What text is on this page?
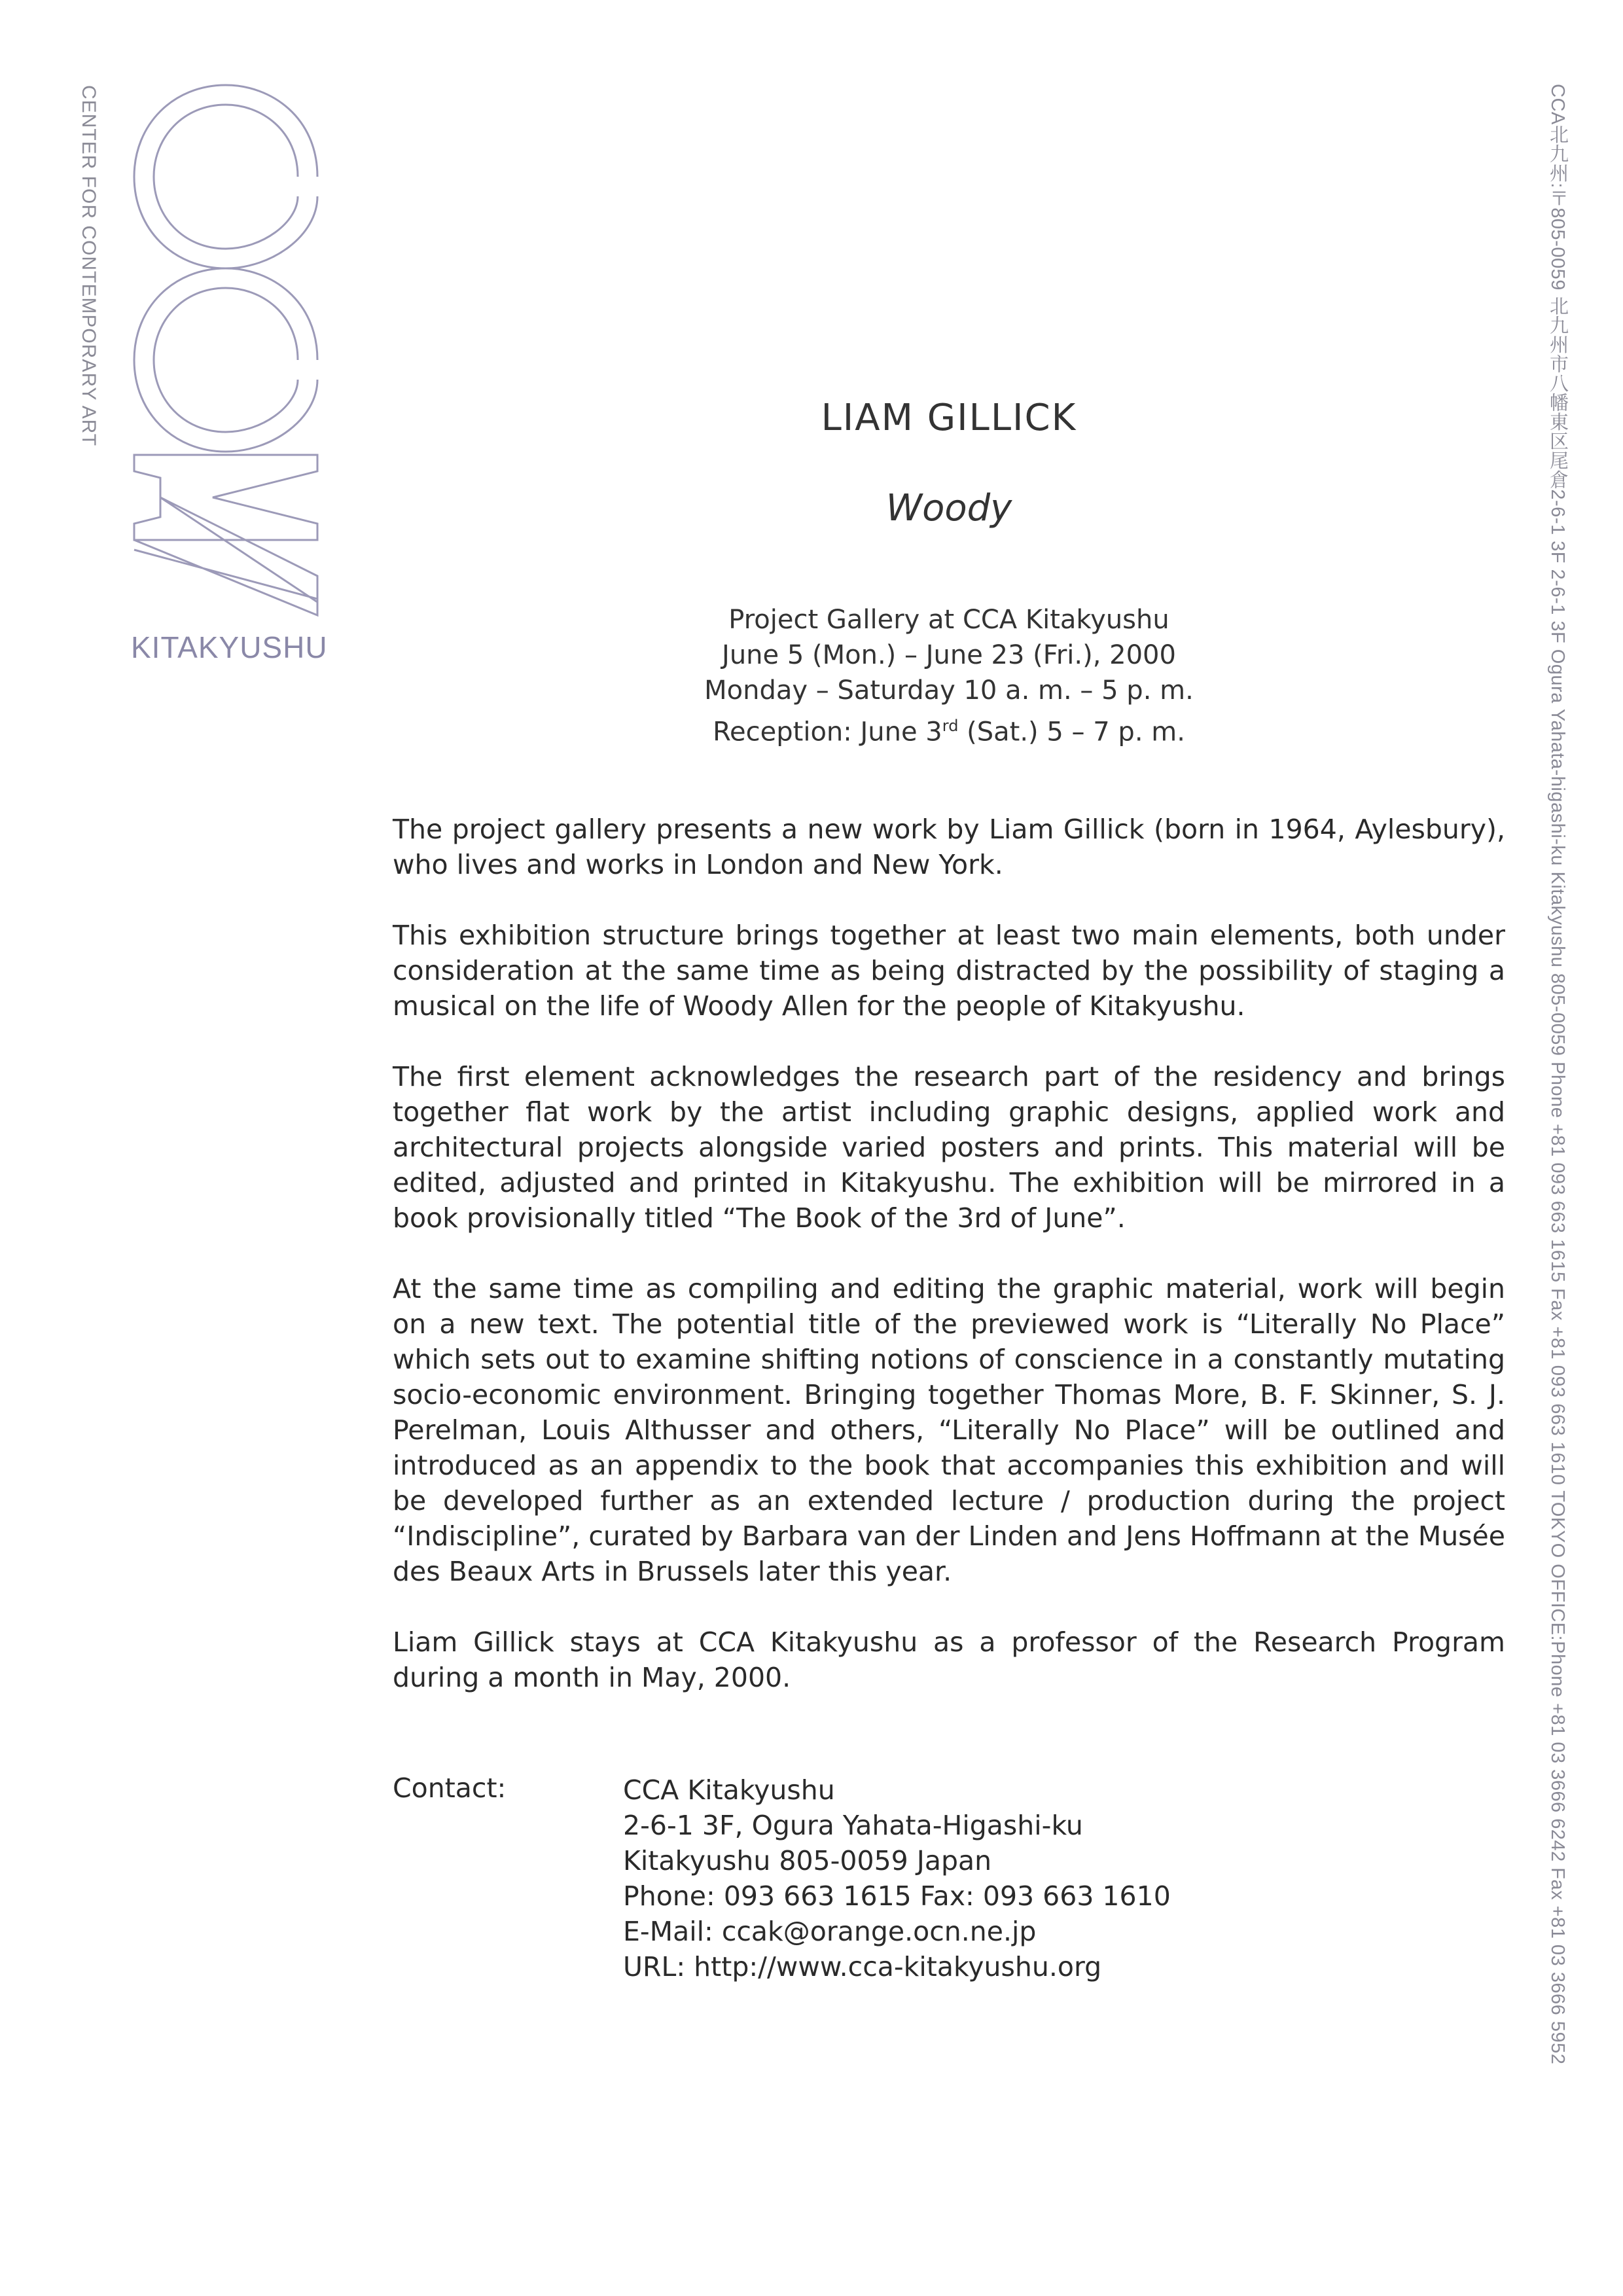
CENTER FOR CONTEMPORARY ART
KITAKYUSHU	CCA北九州:〒805-0059 北九州市八幡東区尾倉2-6-1 3F 2-6-1 3F Ogura Yahata-higashi-ku Kitakyushu 805-0059 Phone +81 093 663 1615 Fax +81 093 663 1610 TOKYO OFFICE:Phone +81 03 3666 6242 Fax +81 03 3666 5952
LIAM GILLICK
Woody
Project Gallery at CCA Kitakyushu
June 5 (Mon.) – June 23 (Fri.), 2000
Monday – Saturday 10 a. m. – 5 p. m.
Reception: June 3rd (Sat.) 5 – 7 p. m.

The project gallery presents a new work by Liam Gillick (born in 1964, Aylesbury), who lives and works in London and New York.

This exhibition structure brings together at least two main elements, both under consideration at the same time as being distracted by the possibility of staging a musical on the life of Woody Allen for the people of Kitakyushu.

The first element acknowledges the research part of the residency and brings together flat work by the artist including graphic designs, applied work and architectural projects alongside varied posters and prints. This material will be edited, adjusted and printed in Kitakyushu. The exhibition will be mirrored in a book provisionally titled “The Book of the 3rd of June”.

At the same time as compiling and editing the graphic material, work will begin on a new text. The potential title of the previewed work is “Literally No Place” which sets out to examine shifting notions of conscience in a constantly mutating socio-economic environment. Bringing together Thomas More, B. F. Skinner, S. J. Perelman, Louis Althusser and others, “Literally No Place” will be outlined and introduced as an appendix to the book that accompanies this exhibition and will be developed further as an extended lecture / production during the project “Indiscipline”, curated by Barbara van der Linden and Jens Hoffmann at the Musée des Beaux Arts in Brussels later this year.

Liam Gillick stays at CCA Kitakyushu as a professor of the Research Program during a month in May, 2000.

Contact:	CCA Kitakyushu
2-6-1 3F, Ogura Yahata-Higashi-ku
Kitakyushu 805-0059 Japan
Phone: 093 663 1615 Fax: 093 663 1610
E-Mail: ccak@orange.ocn.ne.jp
URL: http://www.cca-kitakyushu.org
